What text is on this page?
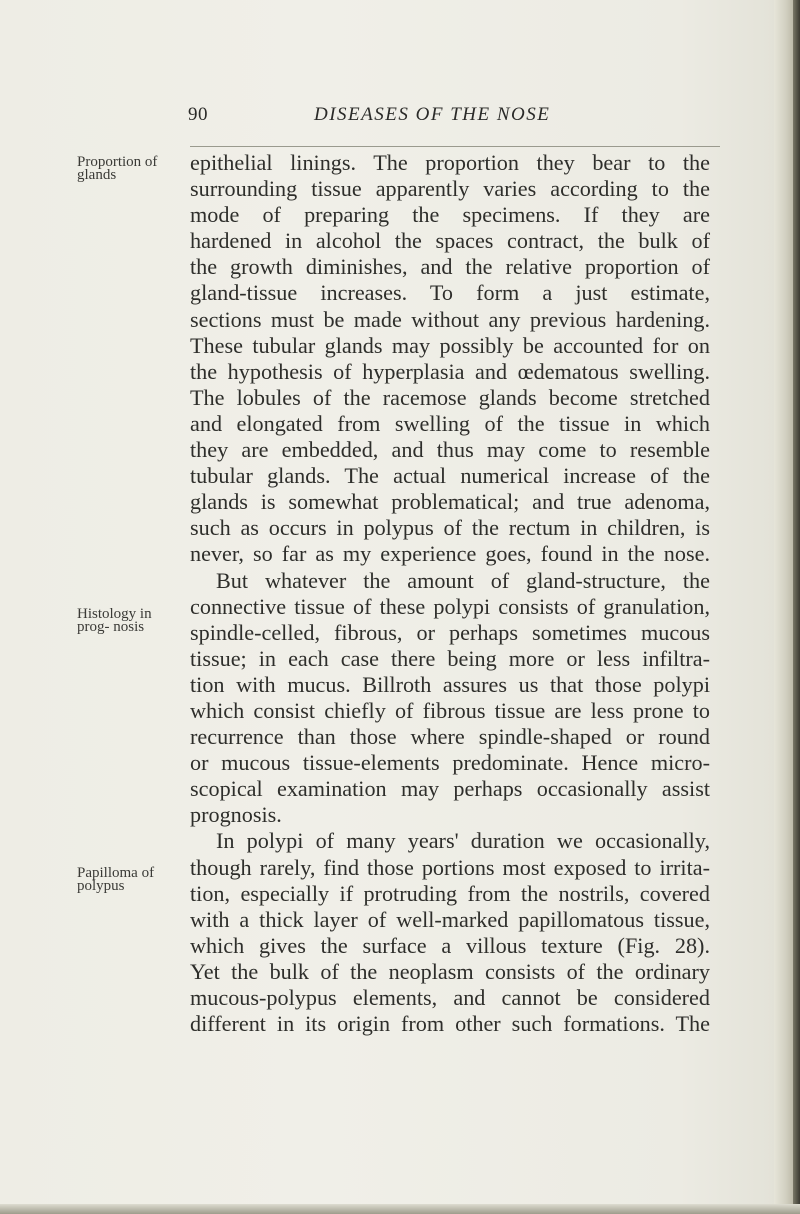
90	DISEASES OF THE NOSE
Proportion of glands
Histology in prog- nosis
Papilloma of polypus
epithelial linings. The proportion they bear to the
surrounding tissue apparently varies according to the
mode of preparing the specimens. If they are
hardened in alcohol the spaces contract, the bulk of
the growth diminishes, and the relative proportion of
gland-tissue increases. To form a just estimate,
sections must be made without any previous hardening.
These tubular glands may possibly be accounted for on
the hypothesis of hyperplasia and œdematous swelling.
The lobules of the racemose glands become stretched
and elongated from swelling of the tissue in which
they are embedded, and thus may come to resemble
tubular glands. The actual numerical increase of the
glands is somewhat problematical; and true adenoma,
such as occurs in polypus of the rectum in children, is
never, so far as my experience goes, found in the nose.
But whatever the amount of gland-structure, the
connective tissue of these polypi consists of granulation,
spindle-celled, fibrous, or perhaps sometimes mucous
tissue; in each case there being more or less infiltra-
tion with mucus. Billroth assures us that those polypi
which consist chiefly of fibrous tissue are less prone to
recurrence than those where spindle-shaped or round
or mucous tissue-elements predominate. Hence micro-
scopical examination may perhaps occasionally assist
prognosis.
In polypi of many years' duration we occasionally,
though rarely, find those portions most exposed to irrita-
tion, especially if protruding from the nostrils, covered
with a thick layer of well-marked papillomatous tissue,
which gives the surface a villous texture (Fig. 28).
Yet the bulk of the neoplasm consists of the ordinary
mucous-polypus elements, and cannot be considered
different in its origin from other such formations. The
